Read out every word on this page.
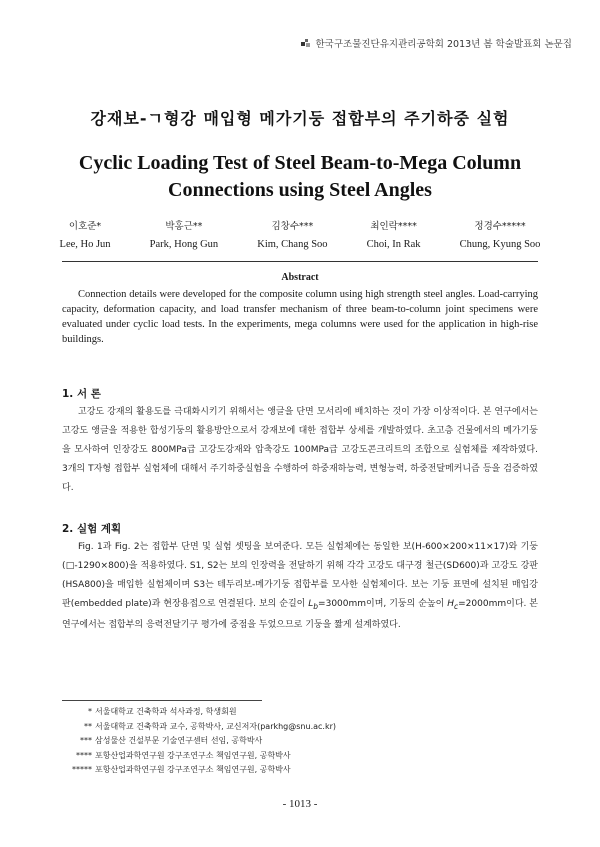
한국구조물진단유지관리공학회 2013년 봄 학술발표회 논문집
강재보-ㄱ형강 매입형 메가기둥 접합부의 주기하중 실험
Cyclic Loading Test of Steel Beam-to-Mega Column
Connections using Steel Angles
이호준*
Lee, Ho Jun
박홍근**
Park, Hong Gun
김창수***
Kim, Chang Soo
최인락****
Choi, In Rak
정경수*****
Chung, Kyung Soo
Abstract

Connection details were developed for the composite column using high strength steel angles. Load-carrying capacity, deformation capacity, and load transfer mechanism of three beam-to-column joint specimens were evaluated under cyclic load tests. In the experiments, mega columns were used for the application in high-rise buildings.

1. 서 론

고강도 강재의 활용도를 극대화시키기 위해서는 앵글을 단면 모서리에 배치하는 것이 가장 이상적이다. 본 연구에서는 고강도 앵글을 적용한 합성기둥의 활용방안으로서 강재보에 대한 접합부 상세를 개발하였다. 초고층 건물에서의 메가기둥을 모사하여 인장강도 800MPa급 고강도강재와 압축강도 100MPa급 고강도콘크리트의 조합으로 실험체를 제작하였다. 3개의 T자형 접합부 실험체에 대해서 주기하중실험을 수행하여 하중재하능력, 변형능력, 하중전달메커니즘 등을 검증하였다.

2. 실험 계획

Fig. 1과 Fig. 2는 접합부 단면 및 실험 셋팅을 보여준다. 모든 실험체에는 동일한 보(H-600×200×11×17)와 기둥(□-1290×800)을 적용하였다. S1, S2는 보의 인장력을 전달하기 위해 각각 고강도 대구경 철근(SD600)과 고강도 강판(HSA800)을 매입한 실험체이며 S3는 테두리보-메가기둥 접합부를 모사한 실험체이다. 보는 기둥 표면에 설치된 매입강판(embedded plate)과 현장용접으로 연결된다. 보의 순길이 $L_b=3000mm$이며, 기둥의 순높이 $H_c=2000mm$이다. 본 연구에서는 접합부의 응력전달기구 평가에 중점을 두었으므로 기둥을 짧게 설계하였다.

* 서울대학교 건축학과 석사과정, 학생회원
** 서울대학교 건축학과 교수, 공학박사, 교신저자(parkhg@snu.ac.kr)
*** 삼성물산 건설부문 기술연구센터 선임, 공학박사
**** 포항산업과학연구원 강구조연구소 책임연구원, 공학박사
***** 포항산업과학연구원 강구조연구소 책임연구원, 공학박사
- 1013 -
